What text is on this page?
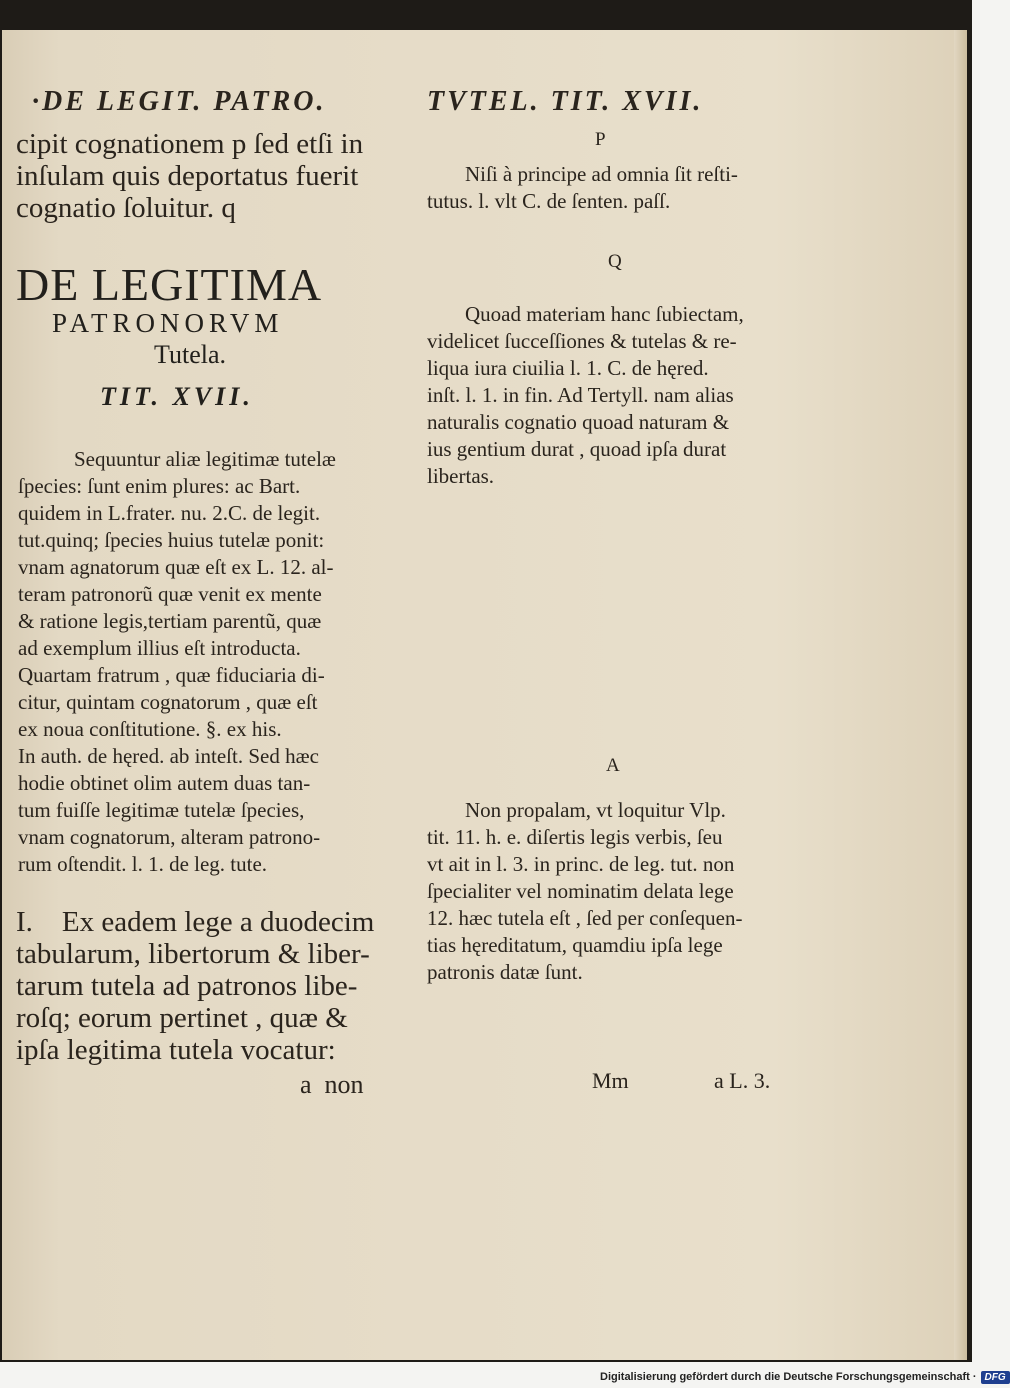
·DE LEGIT. PATRO.	TVTEL. TIT. XVII.
cipit cognationem p ſed etſi in
inſulam quis deportatus fuerit
cognatio ſoluitur. q
DE LEGITIMA
PATRONORVM
Tutela.
TIT. XVII.
Sequuntur aliæ legitimæ tutelæ
ſpecies: ſunt enim plures: ac Bart.
quidem in L.frater. nu. 2.C. de legit.
tut.quinq; ſpecies huius tutelæ ponit:
vnam agnatorum quæ eſt ex L. 12. al-
teram patronorũ quæ venit ex mente
& ratione legis,tertiam parentũ, quæ
ad exemplum illius eſt introducta.
Quartam fratrum , quæ fiduciaria di-
citur, quintam cognatorum , quæ eſt
ex noua conſtitutione. §. ex his.
In auth. de hęred. ab inteſt. Sed hæc
hodie obtinet olim autem duas tan-
tum fuiſſe legitimæ tutelæ ſpecies,
vnam cognatorum, alteram patrono-
rum oſtendit. l. 1. de leg. tute.
I.    Ex eadem lege a duodecim
tabularum, libertorum & liber-
tarum tutela ad patronos libe-
roſq; eorum pertinet , quæ &
ipſa legitima tutela vocatur:
a  non
P
Niſi à principe ad omnia ſit reſti-
tutus. l. vlt C. de ſenten. paſſ.
Q
Quoad materiam hanc ſubiectam,
videlicet ſucceſſiones & tutelas & re-
liqua iura ciuilia l. 1. C. de hęred.
inſt. l. 1. in fin. Ad Tertyll. nam alias
naturalis cognatio quoad naturam &
ius gentium durat , quoad ipſa durat
libertas.
A
Non propalam, vt loquitur Vlp.
tit. 11. h. e. diſertis legis verbis, ſeu
vt ait in l. 3. in princ. de leg. tut. non
ſpecialiter vel nominatim delata lege
12. hæc tutela eſt , ſed per conſequen-
tias hęreditatum, quamdiu ipſa lege
patronis datæ ſunt.
Mm	a L. 3.
Digitalisierung gefördert durch die Deutsche Forschungsgemeinschaft · DFG
